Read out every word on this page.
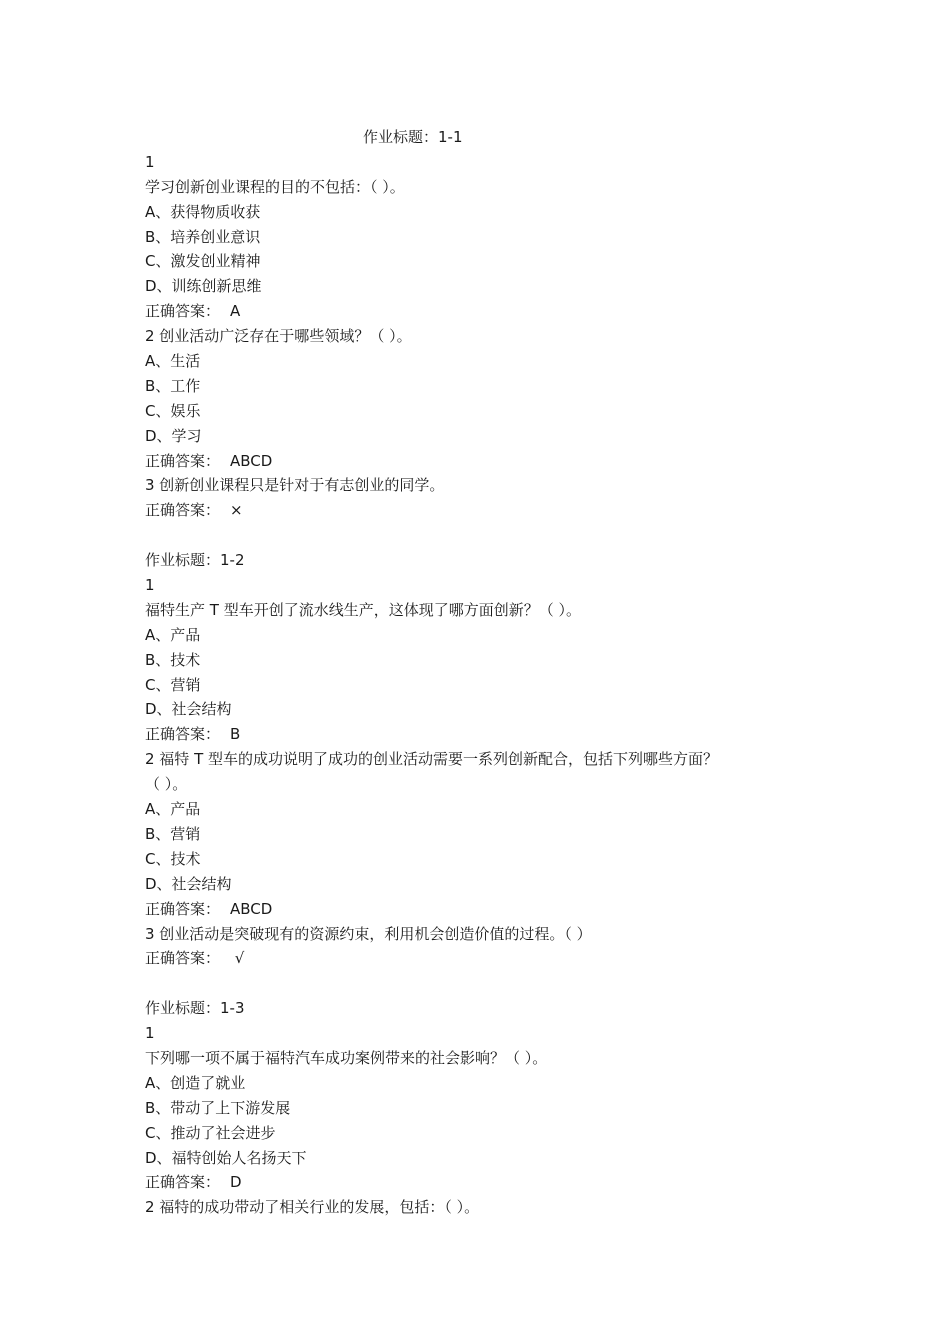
作业标题：1-1
1
学习创新创业课程的目的不包括：（ ）。
A、获得物质收获
B、培养创业意识
C、激发创业精神
D、训练创新思维
正确答案： A
2 创业活动广泛存在于哪些领域？（ ）。
A、生活
B、工作
C、娱乐
D、学习
正确答案： ABCD
3 创新创业课程只是针对于有志创业的同学。
正确答案： ×
作业标题：1-2
1
福特生产 T 型车开创了流水线生产，这体现了哪方面创新？（ ）。
A、产品
B、技术
C、营销
D、社会结构
正确答案： B
2 福特 T 型车的成功说明了成功的创业活动需要一系列创新配合，包括下列哪些方面？
（ ）。
A、产品
B、营销
C、技术
D、社会结构
正确答案： ABCD
3 创业活动是突破现有的资源约束，利用机会创造价值的过程。（ ）
正确答案： √
作业标题：1-3
1
下列哪一项不属于福特汽车成功案例带来的社会影响？（ ）。
A、创造了就业
B、带动了上下游发展
C、推动了社会进步
D、福特创始人名扬天下
正确答案： D
2 福特的成功带动了相关行业的发展，包括：（ ）。
